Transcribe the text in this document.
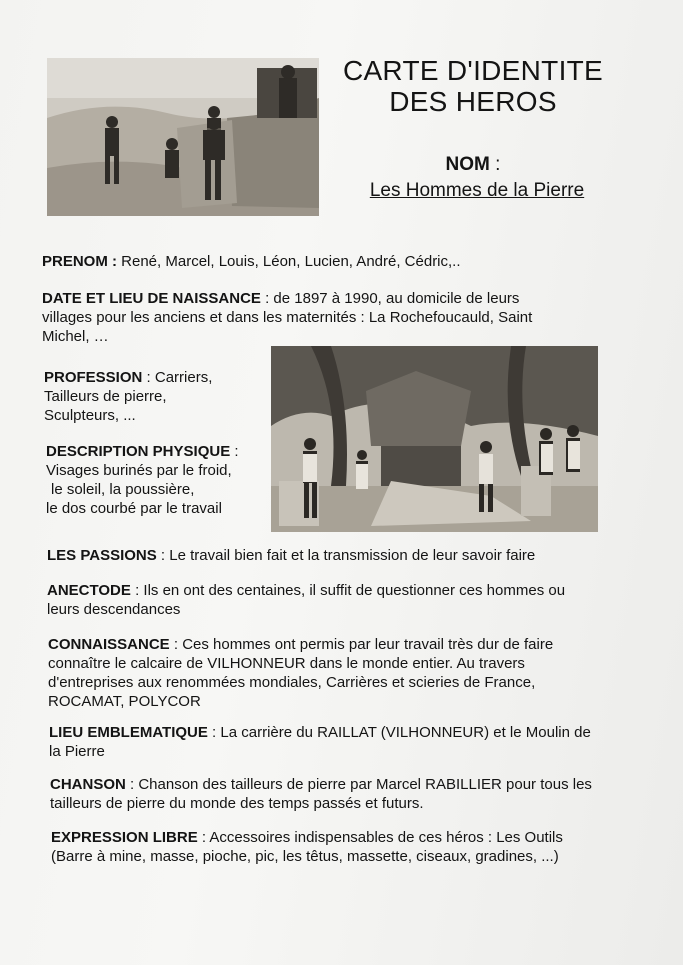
CARTE D'IDENTITE
DES HEROS
NOM :
Les Hommes de la Pierre
PRENOM : René, Marcel, Louis, Léon, Lucien, André, Cédric,..
DATE ET LIEU DE NAISSANCE : de 1897 à 1990, au domicile de leurs
villages pour les anciens et dans les maternités : La Rochefoucauld, Saint
Michel, …
PROFESSION : Carriers,
Tailleurs de pierre,
Sculpteurs, ...
DESCRIPTION PHYSIQUE :
Visages burinés par le froid,
le soleil, la poussière,
le dos courbé par le travail
LES PASSIONS : Le travail bien fait et la transmission de leur savoir faire
ANECTODE : Ils en ont des centaines, il suffit de questionner ces hommes ou
leurs descendances
CONNAISSANCE : Ces hommes ont permis par leur travail très dur de faire
connaître le calcaire de VILHONNEUR dans le monde entier. Au travers
d'entreprises aux renommées mondiales, Carrières et scieries de France,
ROCAMAT, POLYCOR
LIEU EMBLEMATIQUE : La carrière du RAILLAT (VILHONNEUR) et le Moulin de
la Pierre
CHANSON : Chanson des tailleurs de pierre par Marcel RABILLIER pour tous les
tailleurs de pierre du monde des temps passés et futurs.
EXPRESSION LIBRE : Accessoires indispensables de ces héros : Les Outils
(Barre à mine, masse, pioche, pic, les têtus, massette, ciseaux, gradines, ...)
